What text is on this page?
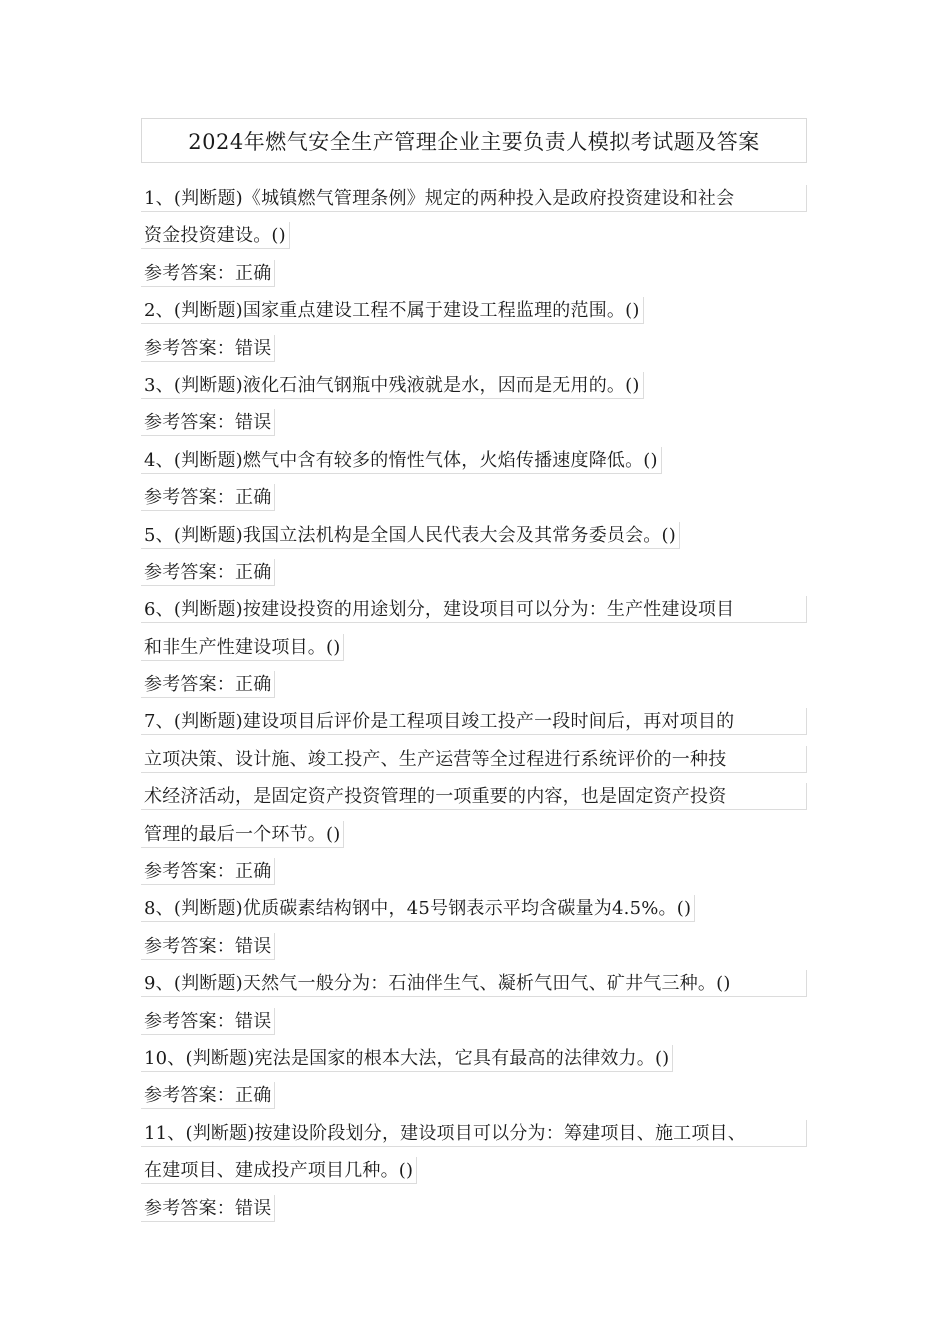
2024年燃气安全生产管理企业主要负责人模拟考试题及答案
1、(判断题)《城镇燃气管理条例》规定的两种投入是政府投资建设和社会
资金投资建设。()
参考答案：正确
2、(判断题)国家重点建设工程不属于建设工程监理的范围。()
参考答案：错误
3、(判断题)液化石油气钢瓶中残液就是水，因而是无用的。()
参考答案：错误
4、(判断题)燃气中含有较多的惰性气体，火焰传播速度降低。()
参考答案：正确
5、(判断题)我国立法机构是全国人民代表大会及其常务委员会。()
参考答案：正确
6、(判断题)按建设投资的用途划分，建设项目可以分为：生产性建设项目
和非生产性建设项目。()
参考答案：正确
7、(判断题)建设项目后评价是工程项目竣工投产一段时间后，再对项目的
立项决策、设计施、竣工投产、生产运营等全过程进行系统评价的一种技
术经济活动，是固定资产投资管理的一项重要的内容，也是固定资产投资
管理的最后一个环节。()
参考答案：正确
8、(判断题)优质碳素结构钢中，45号钢表示平均含碳量为4.5%。()
参考答案：错误
9、(判断题)天然气一般分为：石油伴生气、凝析气田气、矿井气三种。()
参考答案：错误
10、(判断题)宪法是国家的根本大法，它具有最高的法律效力。()
参考答案：正确
11、(判断题)按建设阶段划分，建设项目可以分为：筹建项目、施工项目、
在建项目、建成投产项目几种。()
参考答案：错误
